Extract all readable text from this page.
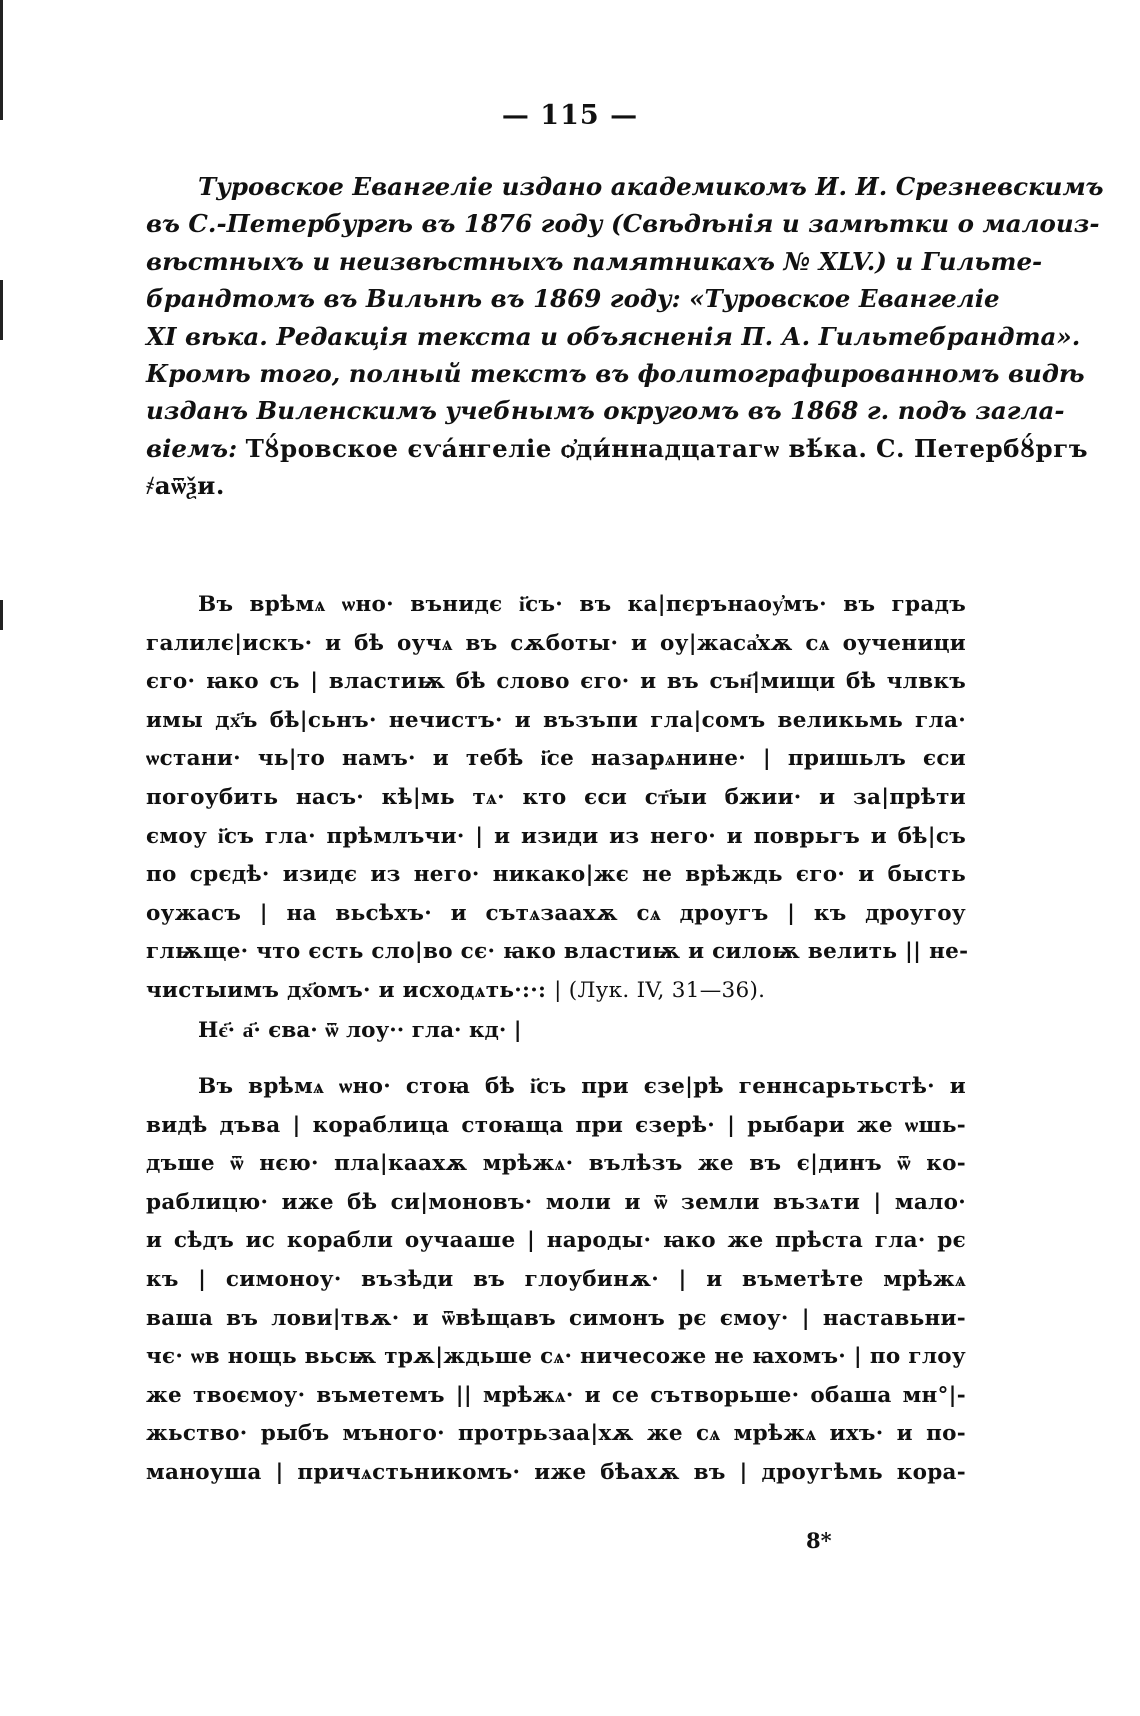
— 115 —
Туровское Евангеліе издано академикомъ И. И. Срезневскимъ
въ С.-Петербургѣ въ 1876 году (Свѣдѣнія и замѣтки о малоиз-
вѣстныхъ и неизвѣстныхъ памятникахъ № XLV.) и Гильте-
брандтомъ въ Вильнѣ въ 1869 году: «Туровское Евангеліе
XI вѣка. Редакція текста и объясненія П. А. Гильтебрандта».
Кромѣ того, полный текстъ въ фолитографированномъ видѣ
изданъ Виленскимъ учебнымъ округомъ въ 1868 г. подъ загла-
віемъ: Тȣ́ровское єѵа́нгеліе ѻ҆ди́ннадцатагѡ вѣ́ка. С. Петербȣ́ргъ
҂аѿѯи.
Въ врѣмѧ ѡно· вънидє і҃съ· въ ка|пєрънаоу҆мъ· въ градъ
галилє|искъ· и бѣ оучѧ въ сѫботы· и оу|жаса҆хѫ сѧ оученици
єго· ꙗко съ | властиѭ бѣ слово єго· и въ сън҃|мищи бѣ члвкъ
имы дх҃ъ бѣ|сьнъ· нечистъ· и възъпи гла|сомъ великьмь гла·
ѡстани· чь|то намъ· и тебѣ і҃се назарѧнине· | пришьлъ єси
погоубить насъ· кѣ|мь тѧ· кто єси ст҃ыи бжии· и за|прѣти
ємоу і҃съ гла· прѣмлъчи· | и изиди из него· и поврьгъ и бѣ|съ
по срєдѣ· изидє из него· никако|жє не врѣждь єго· и бысть
оужасъ | на вьсѣхъ· и сътѧзаахѫ сѧ дроугъ | къ дроугоу
глѭще· что єсть сло|во сє· ꙗко властиѭ и силоѭ велить || не-
чистыимъ дх҃омъ· и исходѧть·:·: | (Лук. IV, 31—36).
Нє҃· а҃· єва· ѿ лоу·· гла· кд· |
Въ врѣмѧ ѡно· стоꙗ бѣ і҃съ при єзе|рѣ геннсарьтьстѣ· и
видѣ дъва | кораблица стоꙗща при єзерѣ· | рыбари же ѡшь-
дъше ѿ нєю· пла|каахѫ мрѣжѧ· вълѣзъ же въ є|динъ ѿ ко-
раблицю· иже бѣ си|моновъ· моли и ѿ земли възѧти | мало·
и сѣдъ ис корабли оучааше | народы· ꙗко же прѣста гла· рє
къ | симоноу· възѣди въ глоубинѫ· | и въметѣте мрѣжѧ
ваша въ лови|твѫ· и ѿвѣщавъ симонъ рє ємоу· | наставьни-
чє· ѡв нощь вьсѭ трѫ|ждьше сѧ· ничесоже не ꙗхомъ· | по глоу
же твоємоу· въметемъ || мрѣжѧ· и се сътворьше· обаша мн°|-
жьство· рыбъ мъного· протрьзаа|хѫ же сѧ мрѣжѧ ихъ· и по-
маноуша | причѧстьникомъ· иже бѣахѫ въ | дроугѣмь кора-
8*
